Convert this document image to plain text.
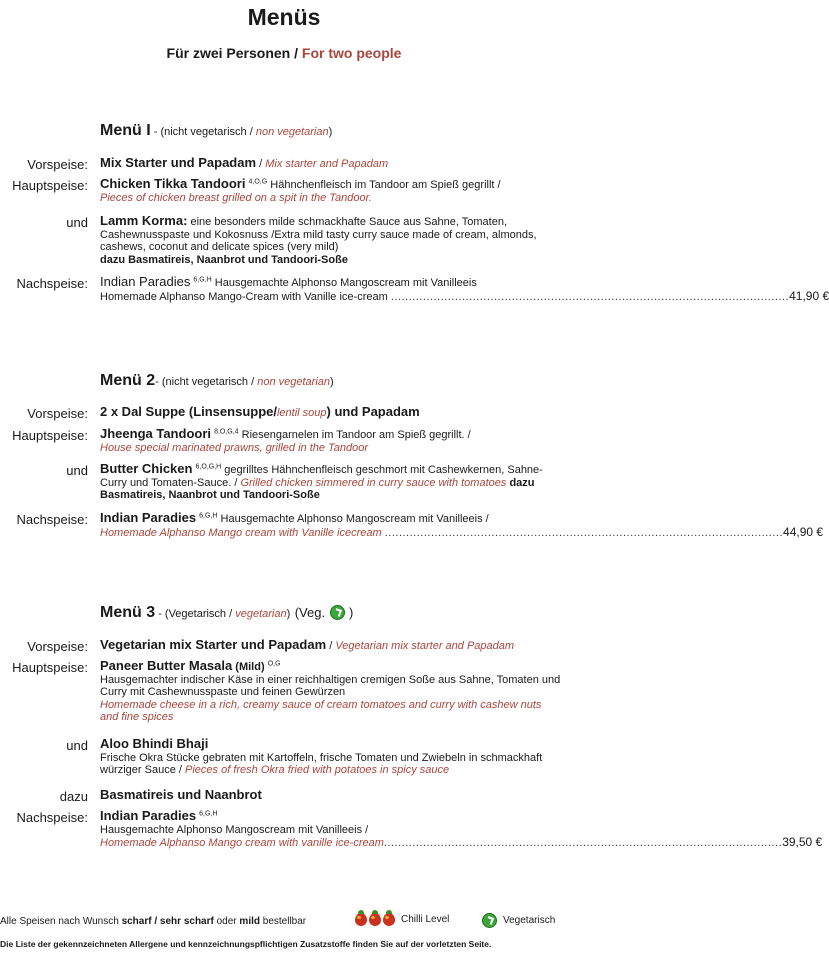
Menüs
Für zwei Personen / For two people
Menü I - (nicht vegetarisch / non vegetarian)
Vorspeise: Mix Starter und Papadam / Mix starter and Papadam
Hauptspeise: Chicken Tikka Tandoori $^{4,O,G}$ Hähnchenfleisch im Tandoor am Spieß gegrillt /
Pieces of chicken breast grilled on a spit in the Tandoor.
und Lamm Korma: eine besonders milde schmackhafte Sauce aus Sahne, Tomaten, Cashewnusspaste und Kokosnuss /Extra mild tasty curry sauce made of cream, almonds, cashews, coconut and delicate spices (very mild)
dazu Basmatireis, Naanbrot und Tandoori-Soße
Nachspeise: Indian Paradies $^{6,G,H}$ Hausgemachte Alphonso Mangoscream mit Vanilleeis
Homemade Alphanso Mango-Cream with Vanille ice-cream
................................................................................................................ 41,90 €
Menü 2- (nicht vegetarisch / non vegetarian)
Vorspeise: 2 x Dal Suppe (Linsensuppe/lentil soup) und Papadam
Hauptspeise: Jheenga Tandoori $^{8,O,G,4}$ Riesengarnelen im Tandoor am Spieß gegrillt. /
House special marinated prawns, grilled in the Tandoor
und Butter Chicken $^{6,O,G,H}$ gegrilltes Hähnchenfleisch geschmort mit Cashewkernen, Sahne-Curry und Tomaten-Sauce. / Grilled chicken simmered in curry sauce with tomatoes dazu Basmatireis, Naanbrot und Tandoori-Soße
Nachspeise: Indian Paradies $^{6,G,H}$ Hausgemachte Alphonso Mangoscream mit Vanilleeis /
Homemade Alphanso Mango cream with Vanille icecream
................................................................................................................ 44,90 €
Menü 3 - (Vegetarisch / vegetarian) (Veg. )
Vorspeise: Vegetarian mix Starter und Papadam / Vegetarian mix starter and Papadam
Hauptspeise: Paneer Butter Masala (Mild) $^{O,G}$
Hausgemachter indischer Käse in einer reichhaltigen cremigen Soße aus Sahne, Tomaten und Curry mit Cashewnusspaste und feinen Gewürzen
Homemade cheese in a rich, creamy sauce of cream tomatoes and curry with cashew nuts and fine spices
und Aloo Bhindi Bhaji
Frische Okra Stücke gebraten mit Kartoffeln, frische Tomaten und Zwiebeln in schmackhaft würziger Sauce / Pieces of fresh Okra fried with potatoes in spicy sauce
dazu Basmatireis und Naanbrot
Nachspeise: Indian Paradies $^{6,G,H}$
Hausgemachte Alphonso Mangoscream mit Vanilleeis /
Homemade Alphanso Mango cream with vanille ice-cream ................................................................................................................ 39,50 €
Alle Speisen nach Wunsch scharf / sehr scharf oder mild bestellbar	Chilli Level	Vegetarisch
Die Liste der gekennzeichneten Allergene und kennzeichnungspflichtigen Zusatzstoffe finden Sie auf der vorletzten Seite.
